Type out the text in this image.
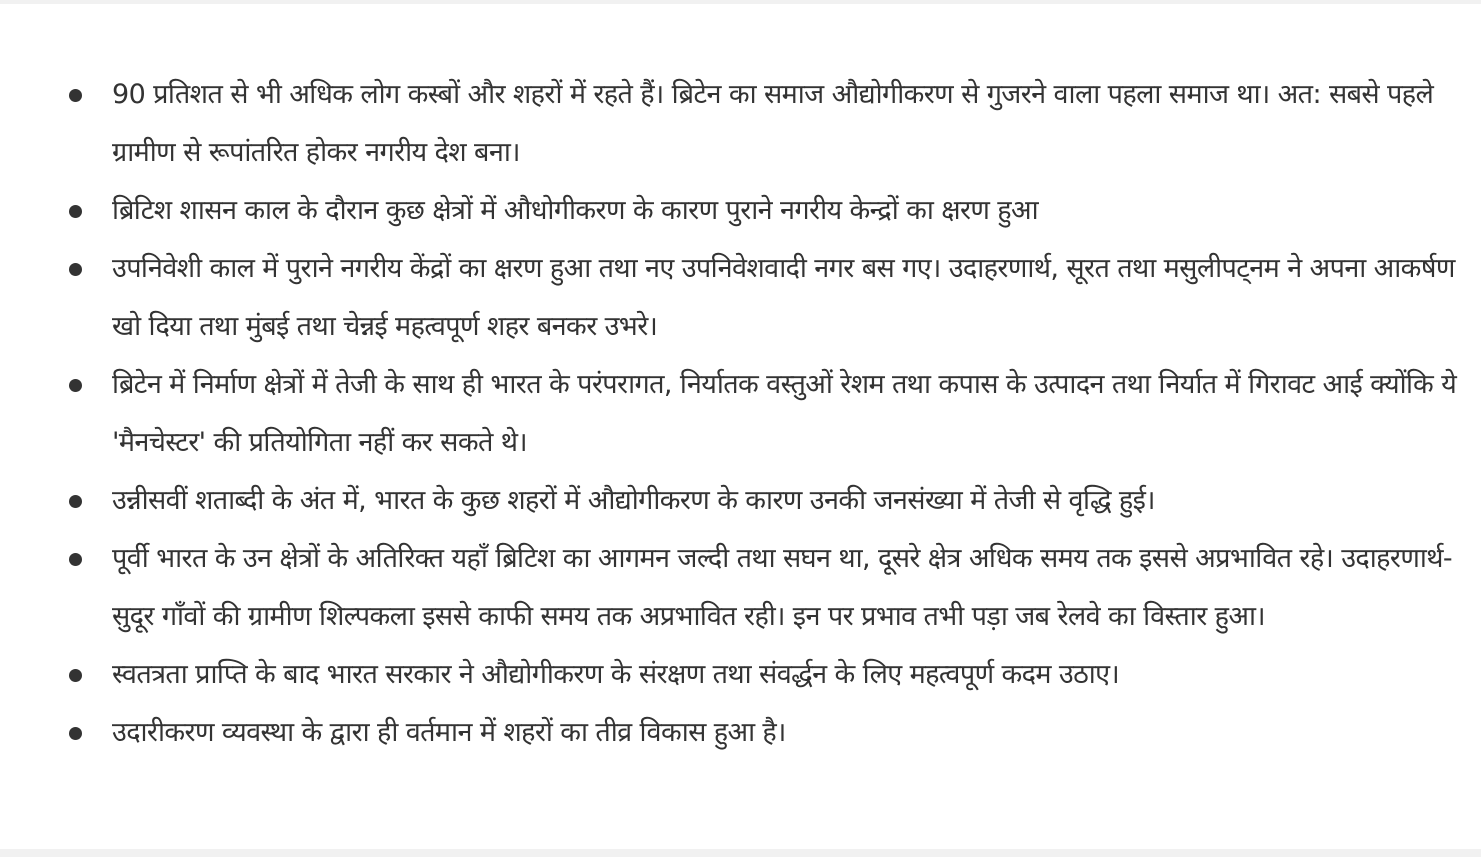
90 प्रतिशत से भी अधिक लोग कस्बों और शहरों में रहते हैं। ब्रिटेन का समाज औद्योगीकरण से गुजरने वाला पहला समाज था। अत: सबसे पहले ग्रामीण से रूपांतरित होकर नगरीय देश बना।
ब्रिटिश शासन काल के दौरान कुछ क्षेत्रों में औधोगीकरण के कारण पुराने नगरीय केन्द्रों का क्षरण हुआ
उपनिवेशी काल में पुराने नगरीय केंद्रों का क्षरण हुआ तथा नए उपनिवेशवादी नगर बस गए। उदाहरणार्थ, सूरत तथा मसुलीपट्नम ने अपना आकर्षण खो दिया तथा मुंबई तथा चेन्नई महत्वपूर्ण शहर बनकर उभरे।
ब्रिटेन में निर्माण क्षेत्रों में तेजी के साथ ही भारत के परंपरागत, निर्यातक वस्तुओं रेशम तथा कपास के उत्पादन तथा निर्यात में गिरावट आई क्योंकि ये 'मैनचेस्टर' की प्रतियोगिता नहीं कर सकते थे।
उन्नीसवीं शताब्दी के अंत में, भारत के कुछ शहरों में औद्योगीकरण के कारण उनकी जनसंख्या में तेजी से वृद्धि हुई।
पूर्वी भारत के उन क्षेत्रों के अतिरिक्त यहाँ ब्रिटिश का आगमन जल्दी तथा सघन था, दूसरे क्षेत्र अधिक समय तक इससे अप्रभावित रहे। उदाहरणार्थ-सुदूर गाँवों की ग्रामीण शिल्पकला इससे काफी समय तक अप्रभावित रही। इन पर प्रभाव तभी पड़ा जब रेलवे का विस्तार हुआ।
स्वतत्रता प्राप्ति के बाद भारत सरकार ने औद्योगीकरण के संरक्षण तथा संवर्द्धन के लिए महत्वपूर्ण कदम उठाए।
उदारीकरण व्यवस्था के द्वारा ही वर्तमान में शहरों का तीव्र विकास हुआ है।
